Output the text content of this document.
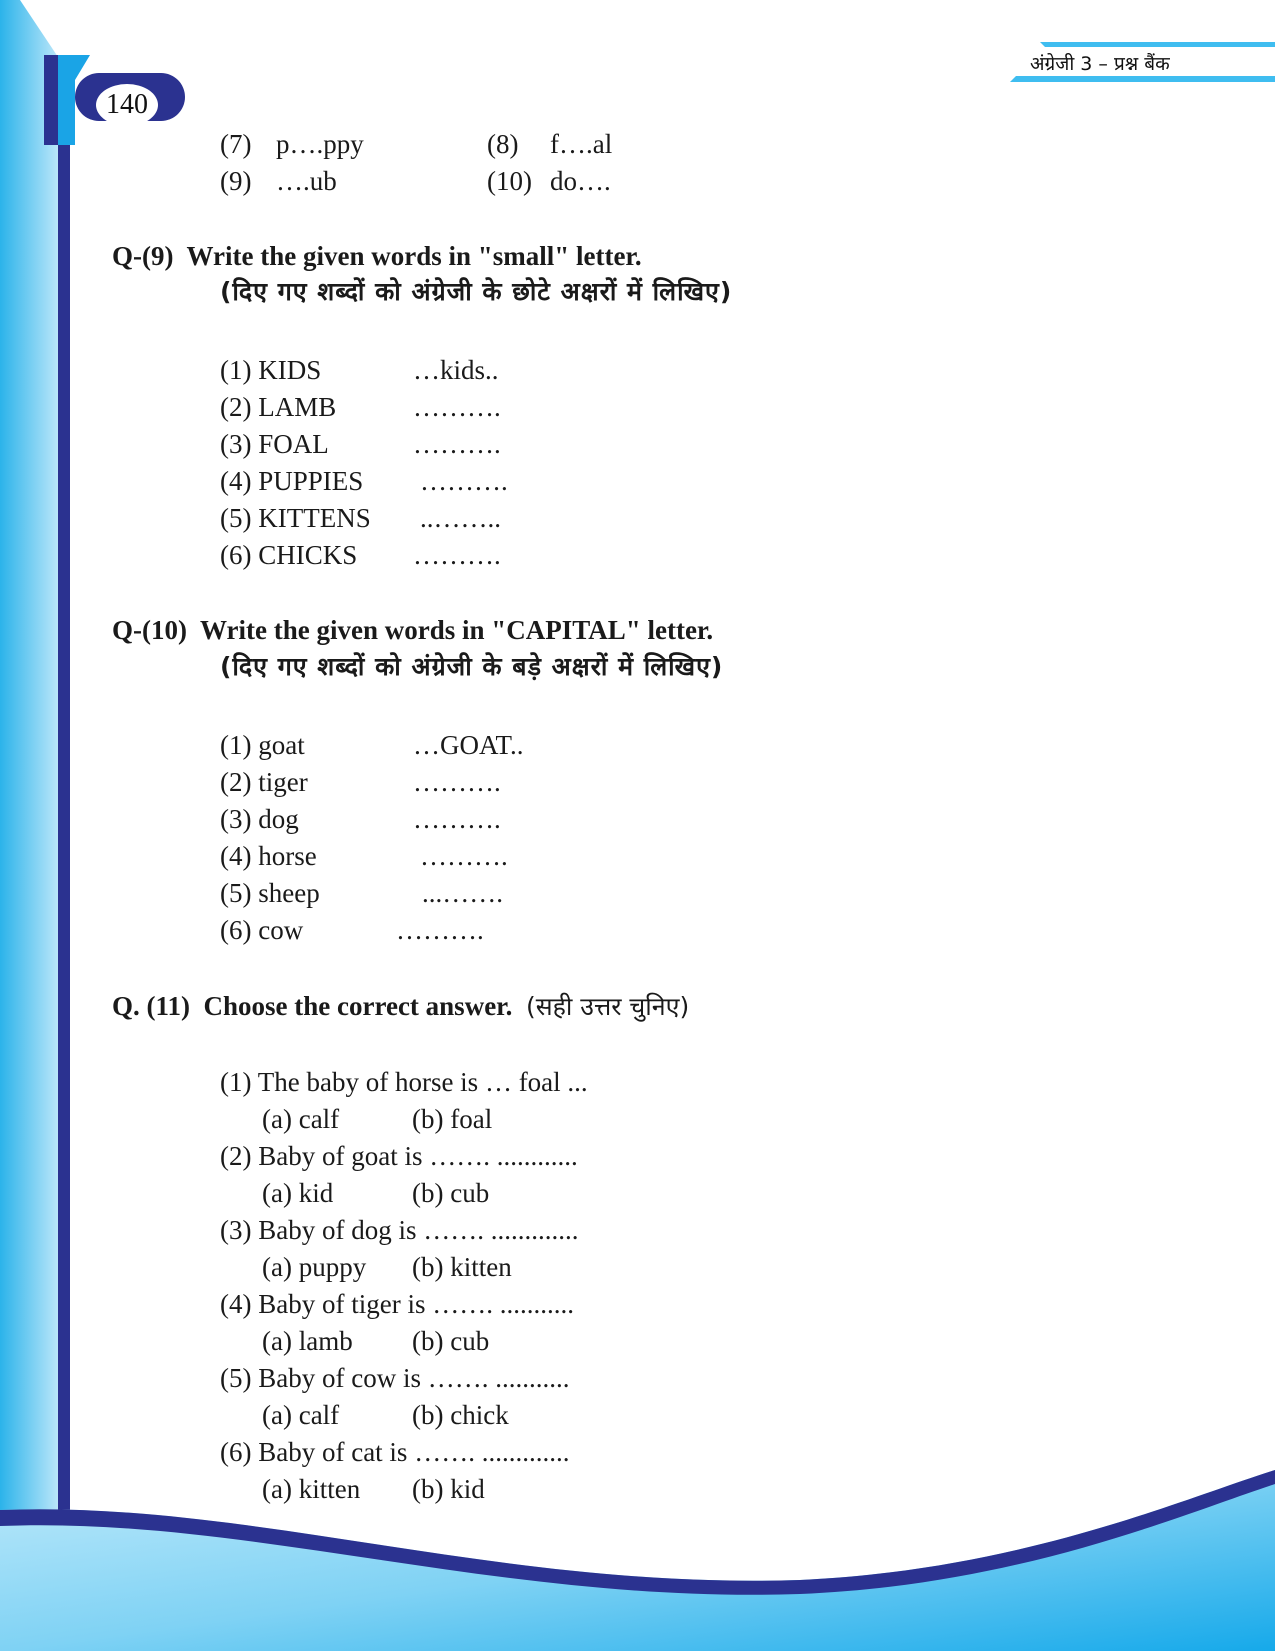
140
अंग्रेजी 3 – प्रश्न बैंक
(7) p….ppy	(8) f….al
(9) ….ub	(10) do….
Q-(9) Write the given words in "small" letter.
(दिए गए शब्दों को अंग्रेजी के छोटे अक्षरों में लिखिए)
(1) KIDS	…kids..
(2) LAMB	……….
(3) FOAL	……….
(4) PUPPIES ……….
(5) KITTENS ..……..
(6) CHICKS ……….
Q-(10) Write the given words in "CAPITAL" letter.
(दिए गए शब्दों को अंग्रेजी के बड़े अक्षरों में लिखिए)
(1) goat	…GOAT..
(2) tiger	……….
(3) dog	……….
(4) horse	……….
(5) sheep	...…….
(6) cow	……….
Q. (11) Choose the correct answer. (सही उत्तर चुनिए)
(1) The baby of horse is … foal ...
(a) calf	(b) foal
(2) Baby of goat is ……. ............
(a) kid	(b) cub
(3) Baby of dog is ……. .............
(a) puppy (b) kitten
(4) Baby of tiger is ……. ...........
(a) lamb (b) cub
(5) Baby of cow is ……. ...........
(a) calf	(b) chick
(6) Baby of cat is ……. .............
(a) kitten (b) kid
